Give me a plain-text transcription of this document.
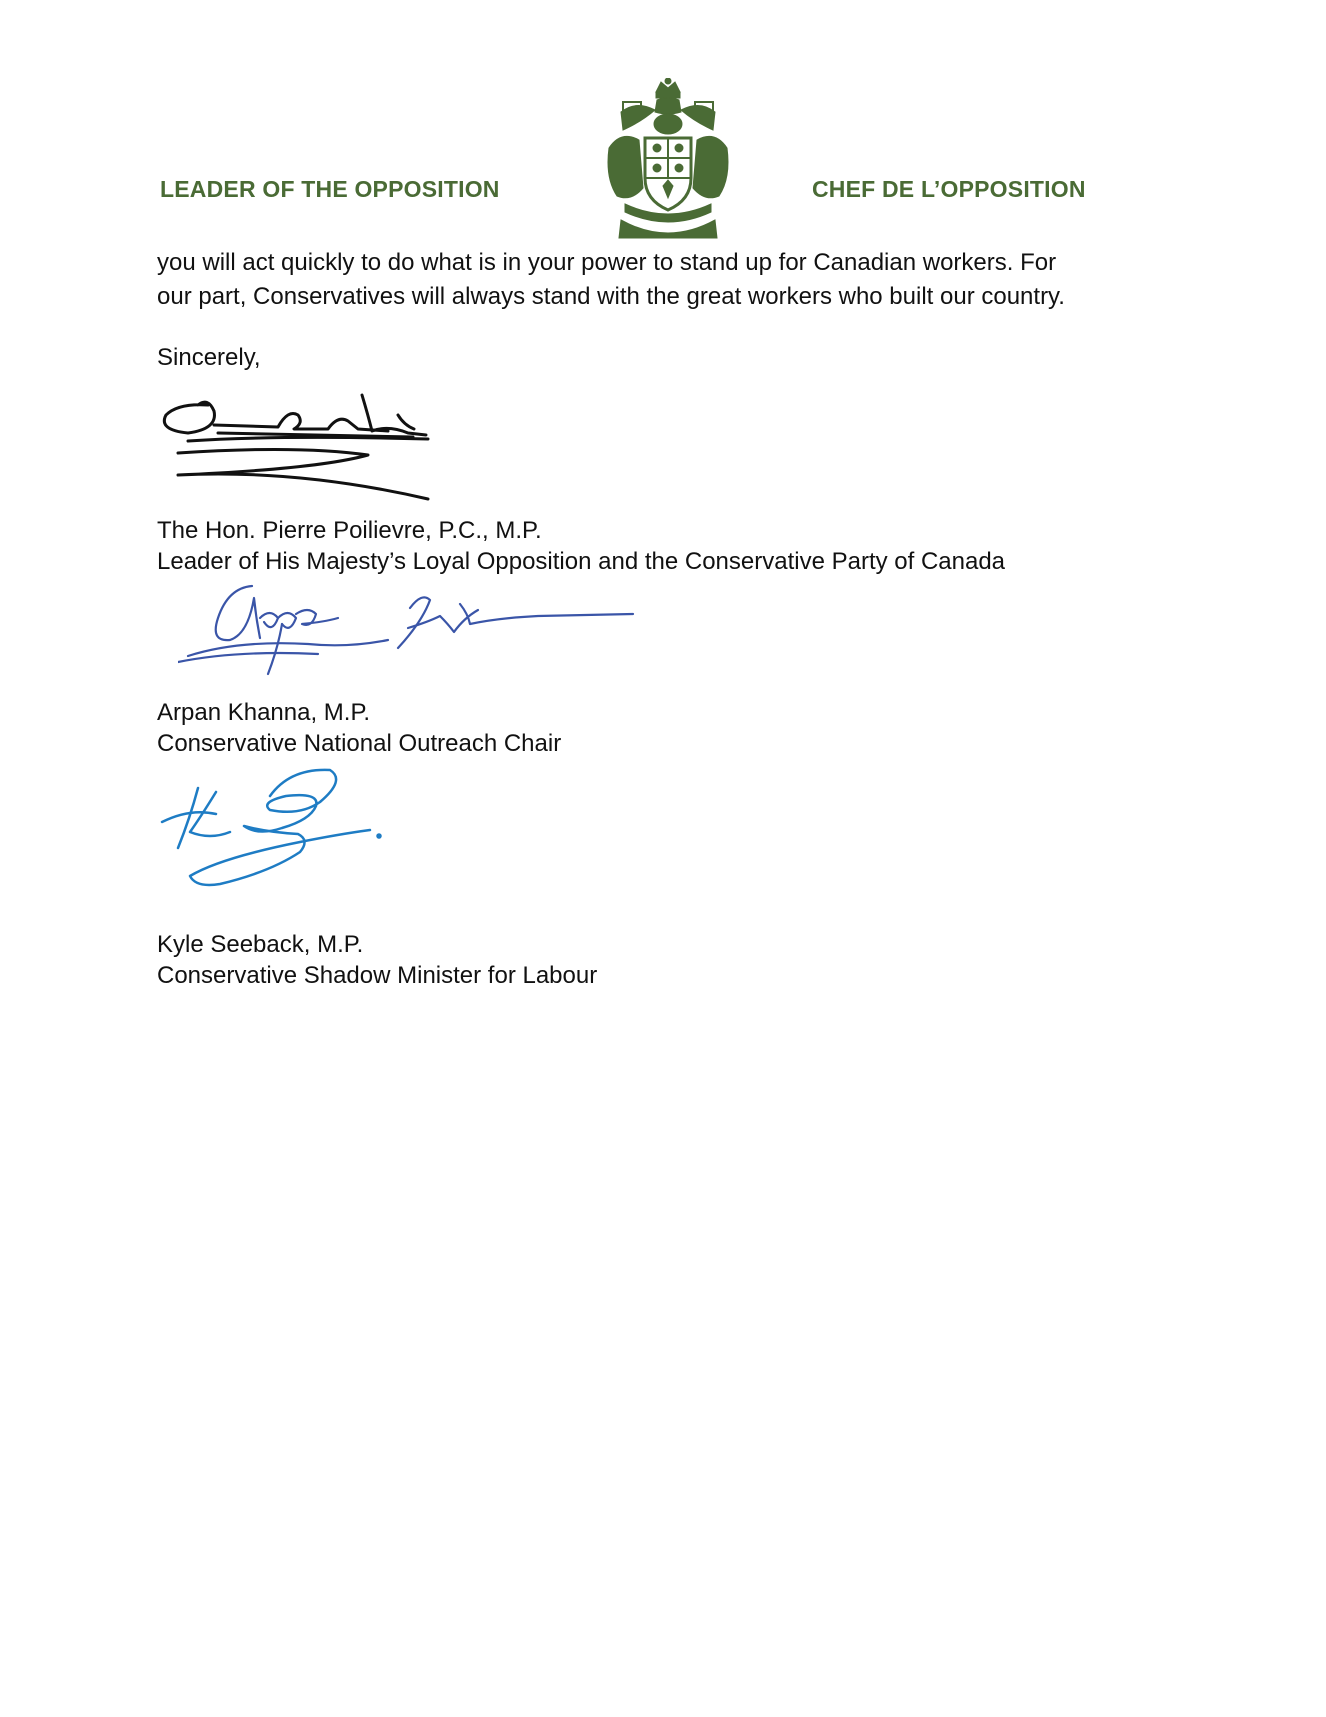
LEADER OF THE OPPOSITION	CHEF DE L’OPPOSITION

you will act quickly to do what is in your power to stand up for Canadian workers. For

our part, Conservatives will always stand with the great workers who built our country.

Sincerely,
The Hon. Pierre Poilievre, P.C., M.P.
Leader of His Majesty’s Loyal Opposition and the Conservative Party of Canada
Arpan Khanna, M.P.
Conservative National Outreach Chair
Kyle Seeback, M.P.
Conservative Shadow Minister for Labour
